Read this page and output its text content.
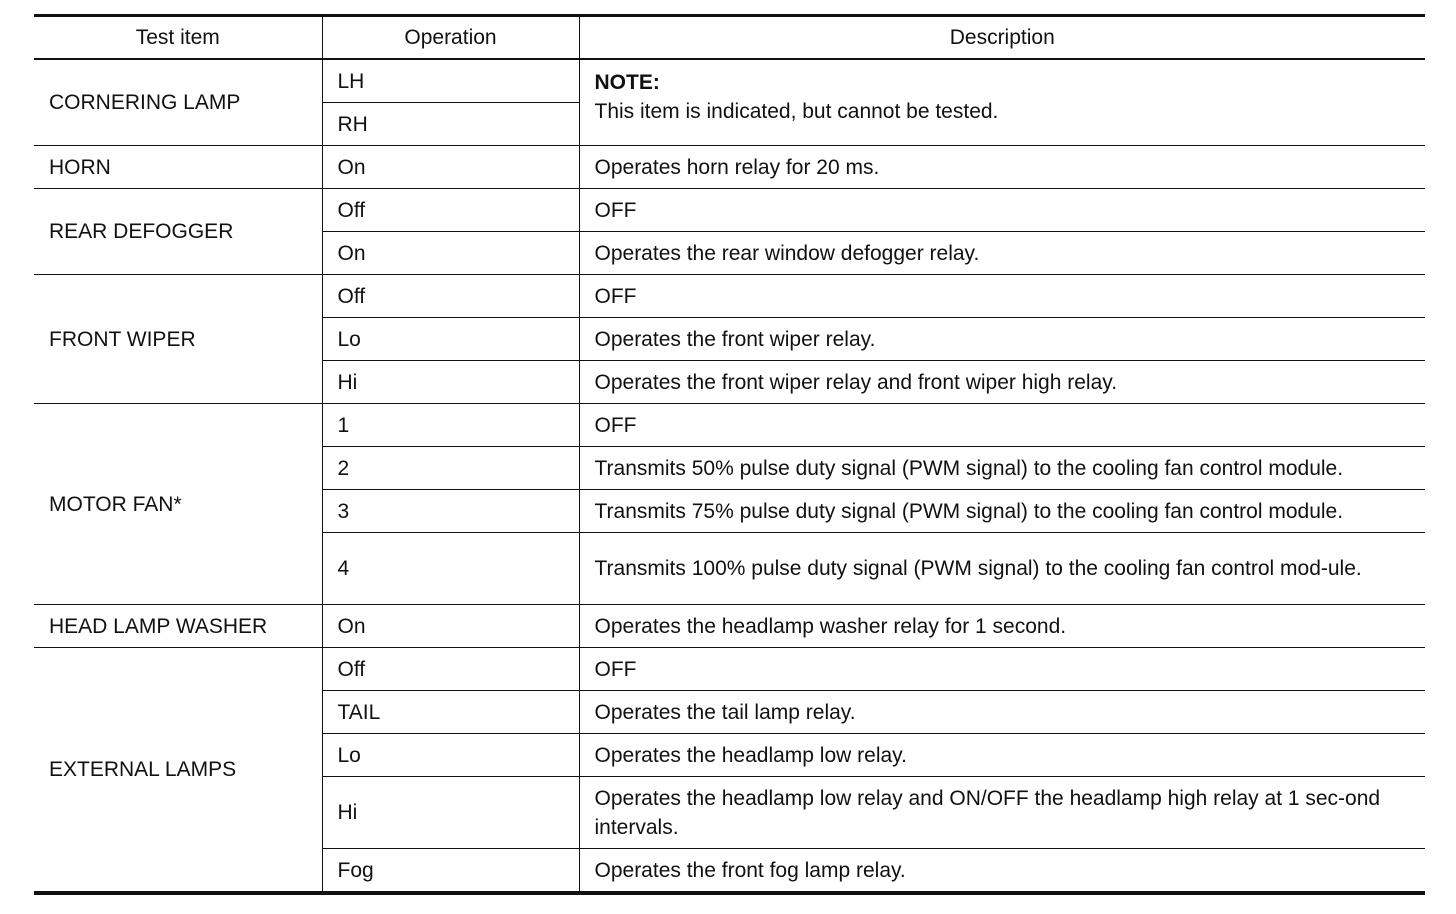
Test item	Operation	Description
CORNERING LAMP	LH	NOTE:
This item is indicated, but cannot be tested.

	RH	
HORN	On	Operates horn relay for 20 ms.
REAR DEFOGGER	Off	OFF
	On	Operates the rear window defogger relay.
FRONT WIPER	Off	OFF
	Lo	Operates the front wiper relay.
	Hi	Operates the front wiper relay and front wiper high relay.
MOTOR FAN*	1	OFF
	2	Transmits 50% pulse duty signal (PWM signal) to the cooling fan control module.
	3	Transmits 75% pulse duty signal (PWM signal) to the cooling fan control module.
	4	Transmits 100% pulse duty signal (PWM signal) to the cooling fan control mod-ule.
HEAD LAMP WASHER	On	Operates the headlamp washer relay for 1 second.
EXTERNAL LAMPS	Off	OFF
	TAIL	Operates the tail lamp relay.
	Lo	Operates the headlamp low relay.
	Hi	Operates the headlamp low relay and ON/OFF the headlamp high relay at 1 sec-ond intervals.
	Fog	Operates the front fog lamp relay.
